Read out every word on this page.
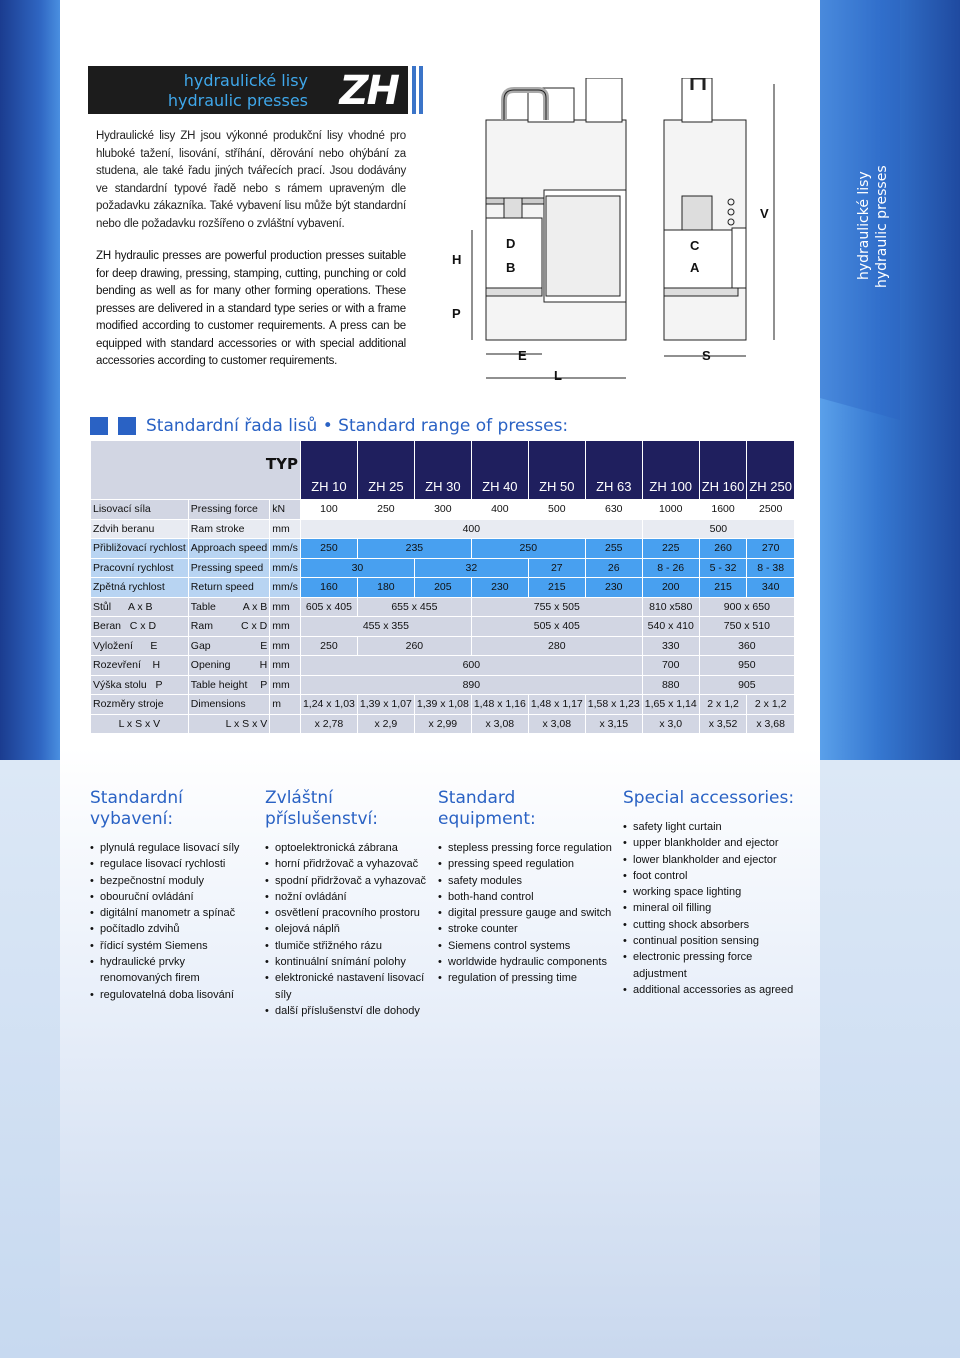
hydraulické lisy
hydraulic presses ZH
Hydraulické lisy ZH jsou výkonné produkční lisy vhodné pro hluboké tažení, lisování, stříhání, děrování nebo ohýbání za studena, ale také řadu jiných tvářecích prací. Jsou dodávány ve standardní typové řadě nebo s rámem upraveným dle požadavku zákazníka. Také vybavení lisu může být standardní nebo dle požadavku rozšířeno o zvláštní vybavení.
ZH hydraulic presses are powerful production presses suitable for deep drawing, pressing, stamping, cutting, punching or cold bending as well as for many other forming operations. These presses are delivered in a standard type series or with a frame modified according to customer requirements. A press can be equipped with standard accessories or with special additional accessories according to customer requirements.
D
B
C
A
H
P
E
L
S
V	hydraulické lisy hydraulic presses
Standardní řada lisů • Standard range of presses:
TYP			ZH 10	ZH 25	ZH 30	ZH 40	ZH 50	ZH 63	ZH 100	ZH 160	ZH 250
Lisovací síla	Pressing force	kN	100	250	300	400	500	630	1000	1600	2500
Zdvih beranu	Ram stroke	mm	400						500		
Přibližovací rychlost	Approach speed	mm/s	250	235		250		255	225	260	270
Pracovní rychlost	Pressing speed	mm/s	30		32		27	26	8 - 26	5 - 32	8 - 38
Zpětná rychlost	Return speed	mm/s	160	180	205	230	215	230	200	215	340
Stůl      A x B	Table A x B	mm	605 x 405	655 x 455		755 x 505			810 x580	900 x 650	
Beran   C x D	Ram C x D	mm	455 x 355			505 x 405			540 x 410	750 x 510	
Vyložení      E	Gap E	mm	250	260		280			330	360	
Rozevření    H	Opening H	mm	600						700	950	
Výška stolu   P	Table height P	mm	890						880	905	
Rozměry stroje	Dimensions	m	1,24 x 1,03	1,39 x 1,07	1,39 x 1,08	1,48 x 1,16	1,48 x 1,17	1,58 x 1,23	1,65 x 1,14	2 x 1,2	2 x 1,2
L x S x V	L x S x V		x 2,78	x 2,9	x 2,99	x 3,08	x 3,08	x 3,15	x 3,0	x 3,52	x 3,68
Standardní vybavení:
• plynulá regulace lisovací síly
• regulace lisovací rychlosti
• bezpečnostní moduly
• obouruční ovládání
• digitální manometr a spínač
• počítadlo zdvihů
• řídicí systém Siemens
• hydraulické prvky renomovaných firem
• regulovatelná doba lisování
Zvláštní příslušenství:
• optoelektronická zábrana
• horní přidržovač a vyhazovač
• spodní přidržovač a vyhazovač
• nožní ovládání
• osvětlení pracovního prostoru
• olejová náplň
• tlumiče střižného rázu
• kontinuální snímání polohy
• elektronické nastavení lisovací síly
• další příslušenství dle dohody
Standard equipment:
• stepless pressing force regulation
• pressing speed regulation
• safety modules
• both-hand control
• digital pressure gauge and switch
• stroke counter
• Siemens control systems
• worldwide hydraulic components
• regulation of pressing time
Special accessories:
• safety light curtain
• upper blankholder and ejector
• lower blankholder and ejector
• foot control
• working space lighting
• mineral oil filling
• cutting shock absorbers
• continual position sensing
• electronic pressing force adjustment
• additional accessories as agreed
